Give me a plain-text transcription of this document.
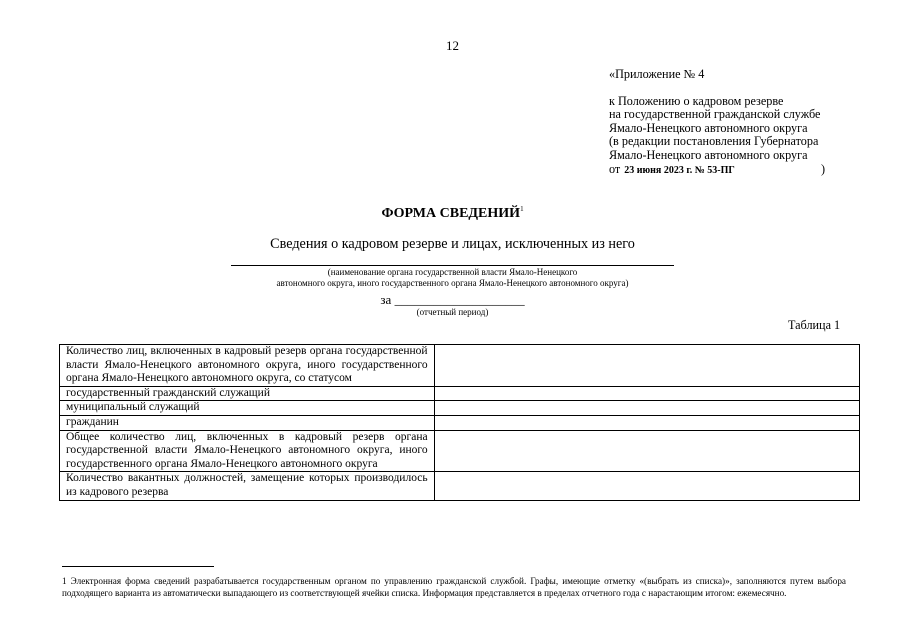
12
«Приложение № 4
к Положению о кадровом резерве
на государственной гражданской службе
Ямало-Ненецкого автономного округа
(в редакции постановления Губернатора
Ямало-Ненецкого автономного округа
от 23 июня 2023 г. № 53-ПГ	)
ФОРМА СВЕДЕНИЙ$^1$
Сведения о кадровом резерве и лицах, исключенных из него
(наименование органа государственной власти Ямало-Ненецкого
автономного округа, иного государственного органа Ямало-Ненецкого автономного округа)
за ____________________
(отчетный период)
Таблица 1
Количество лиц, включенных в кадровый резерв органа государственной власти Ямало-Ненецкого автономного округа, иного государственного органа Ямало-Ненецкого автономного округа, со статусом	
государственный гражданский служащий	
муниципальный служащий	
гражданин	
Общее количество лиц, включенных в кадровый резерв органа государственной власти Ямало-Ненецкого автономного округа, иного государственного органа Ямало-Ненецкого автономного округа	
Количество вакантных должностей, замещение которых производилось из кадрового резерва	
1 Электронная форма сведений разрабатывается государственным органом по управлению гражданской службой. Графы, имеющие отметку «(выбрать из списка)», заполняются путем выбора подходящего варианта из автоматически выпадающего из соответствующей ячейки списка. Информация представляется в пределах отчетного года с нарастающим итогом: ежемесячно.
